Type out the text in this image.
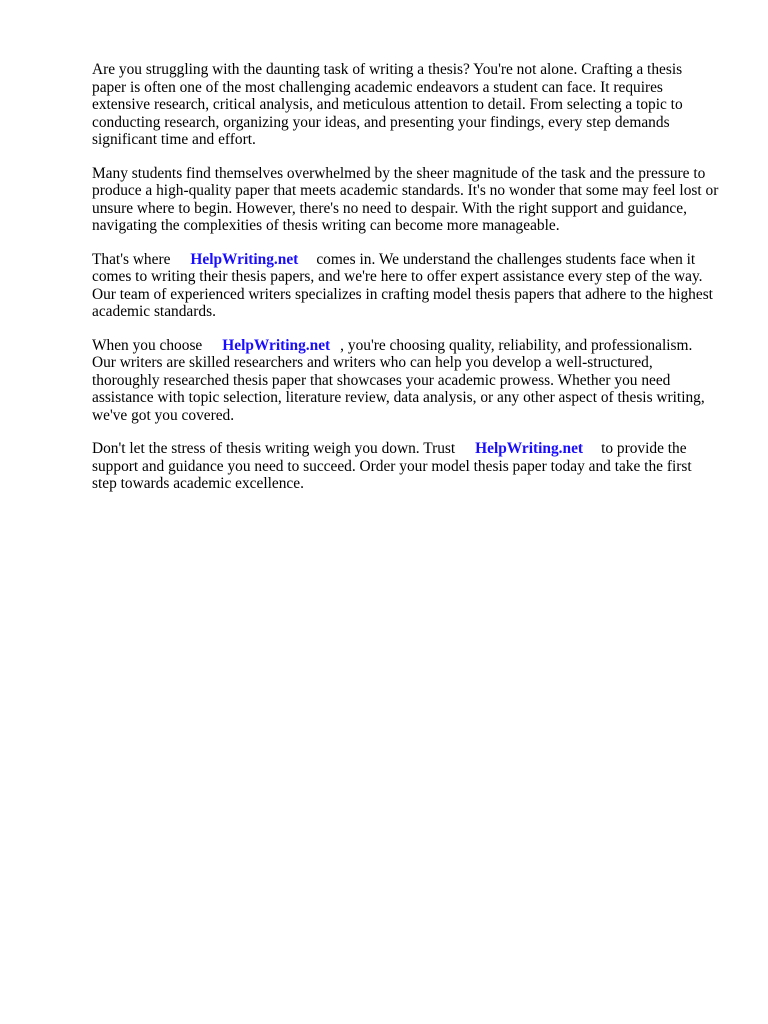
Are you struggling with the daunting task of writing a thesis? You're not alone. Crafting a thesis paper is often one of the most challenging academic endeavors a student can face. It requires extensive research, critical analysis, and meticulous attention to detail. From selecting a topic to conducting research, organizing your ideas, and presenting your findings, every step demands significant time and effort.

Many students find themselves overwhelmed by the sheer magnitude of the task and the pressure to produce a high-quality paper that meets academic standards. It's no wonder that some may feel lost or unsure where to begin. However, there's no need to despair. With the right support and guidance, navigating the complexities of thesis writing can become more manageable.

That's where HelpWriting.net comes in. We understand the challenges students face when it comes to writing their thesis papers, and we're here to offer expert assistance every step of the way. Our team of experienced writers specializes in crafting model thesis papers that adhere to the highest academic standards.

When you choose HelpWriting.net , you're choosing quality, reliability, and professionalism. Our writers are skilled researchers and writers who can help you develop a well-structured, thoroughly researched thesis paper that showcases your academic prowess. Whether you need assistance with topic selection, literature review, data analysis, or any other aspect of thesis writing, we've got you covered.

Don't let the stress of thesis writing weigh you down. Trust HelpWriting.net to provide the support and guidance you need to succeed. Order your model thesis paper today and take the first step towards academic excellence.
